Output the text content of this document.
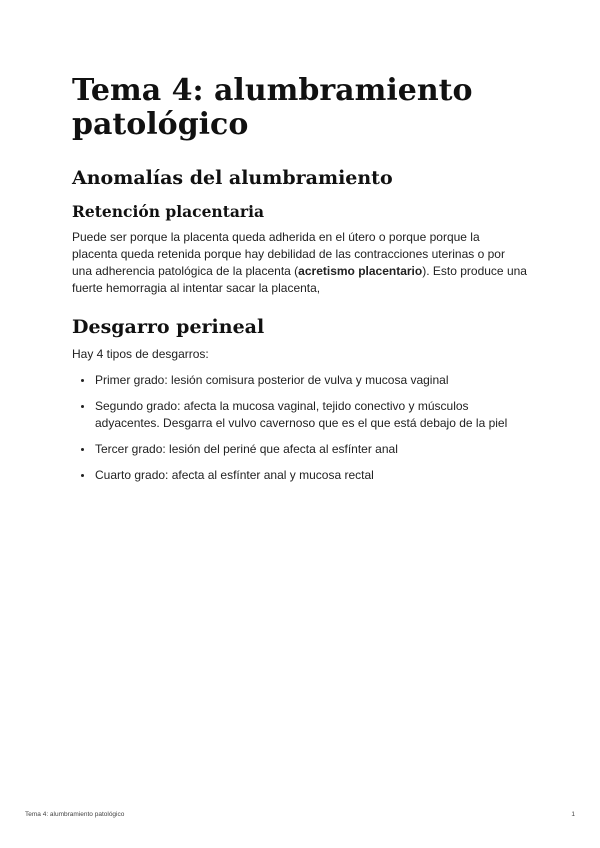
Tema 4: alumbramiento patológico
Anomalías del alumbramiento
Retención placentaria

Puede ser porque la placenta queda adherida en el útero o porque porque la placenta queda retenida porque hay debilidad de las contracciones uterinas o por una adherencia patológica de la placenta (acretismo placentario). Esto produce una fuerte hemorragia al intentar sacar la placenta,

Desgarro perineal

Hay 4 tipos de desgarros:

• Primer grado: lesión comisura posterior de vulva y mucosa vaginal
• Segundo grado: afecta la mucosa vaginal, tejido conectivo y músculos adyacentes. Desgarra el vulvo cavernoso que es el que está debajo de la piel
• Tercer grado: lesión del periné que afecta al esfínter anal
• Cuarto grado: afecta al esfínter anal y mucosa rectal
Tema 4: alumbramiento patológico	1
